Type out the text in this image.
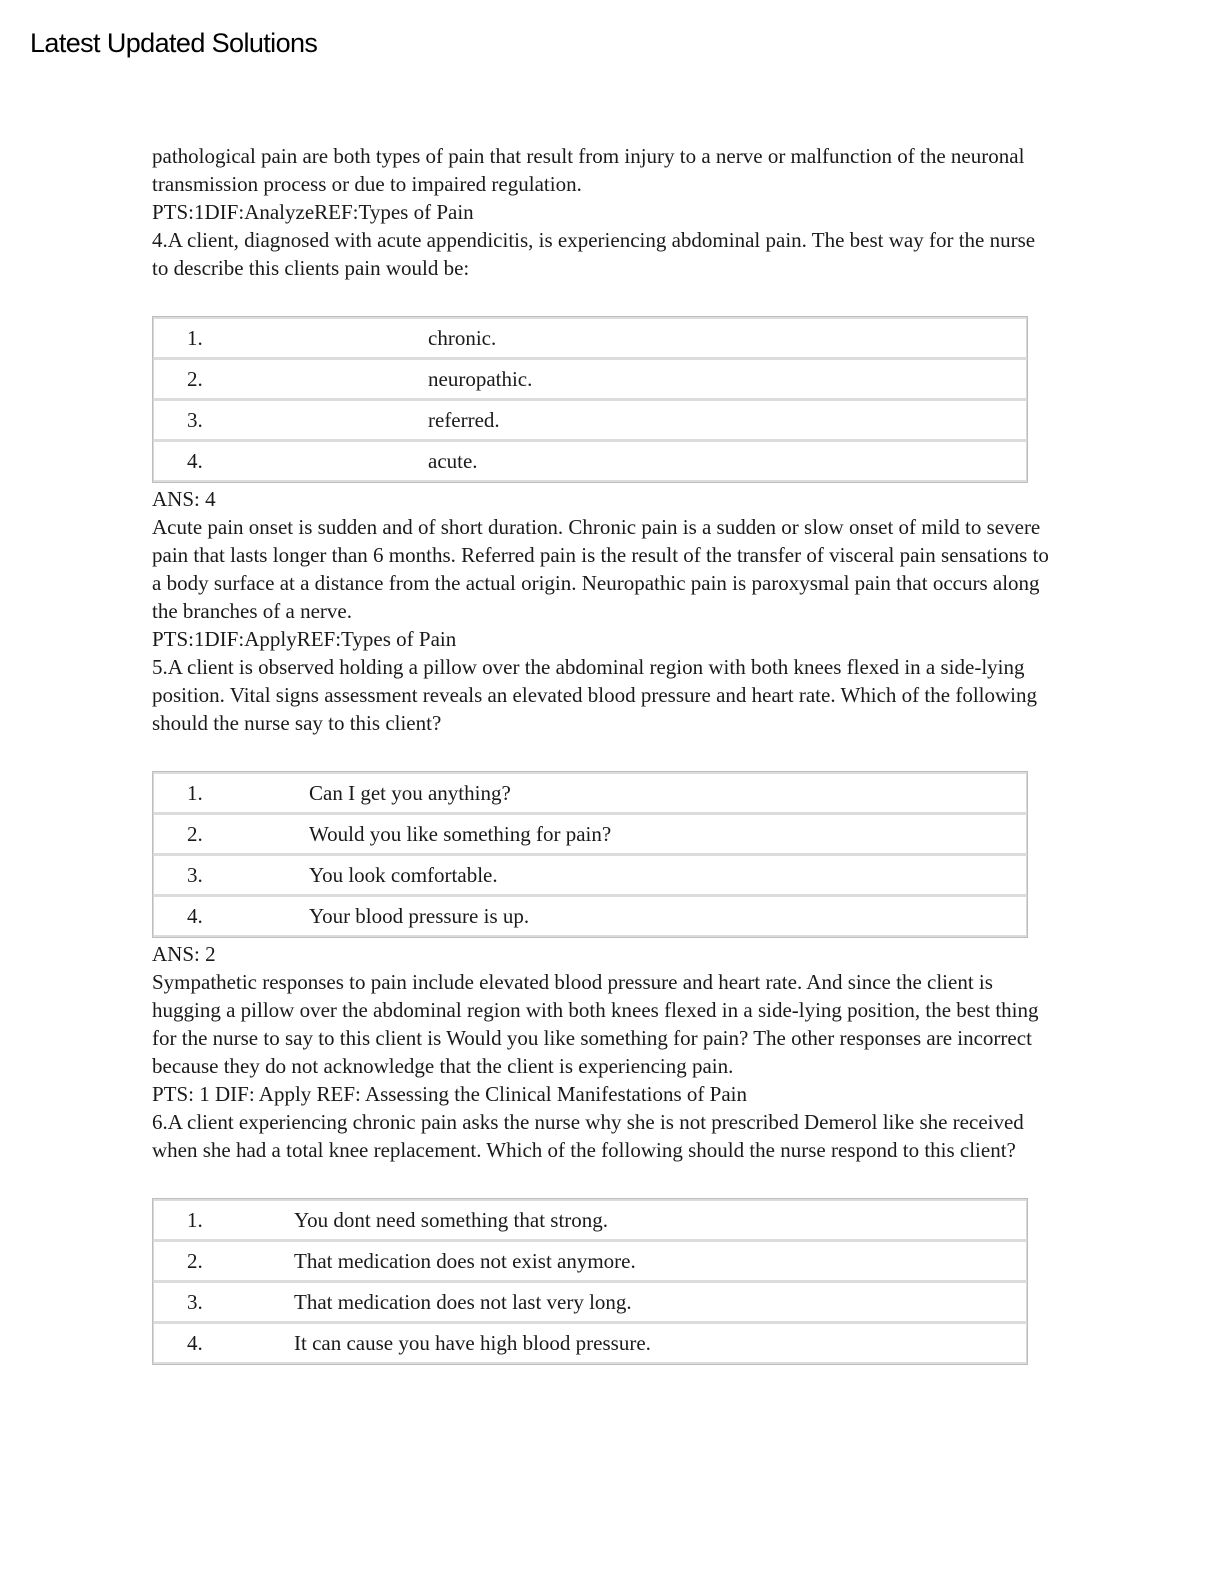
Latest Updated Solutions

pathological pain are both types of pain that result from injury to a nerve or malfunction of the neuronal transmission process or due to impaired regulation.

PTS:1DIF:AnalyzeREF:Types of Pain

4.A client, diagnosed with acute appendicitis, is experiencing abdominal pain. The best way for the nurse to describe this clients pain would be:

1.	chronic.
2.	neuropathic.
3.	referred.
4.	acute.

ANS: 4

Acute pain onset is sudden and of short duration. Chronic pain is a sudden or slow onset of mild to severe pain that lasts longer than 6 months. Referred pain is the result of the transfer of visceral pain sensations to a body surface at a distance from the actual origin. Neuropathic pain is paroxysmal pain that occurs along the branches of a nerve.

PTS:1DIF:ApplyREF:Types of Pain

5.A client is observed holding a pillow over the abdominal region with both knees flexed in a side-lying position. Vital signs assessment reveals an elevated blood pressure and heart rate. Which of the following should the nurse say to this client?

1.	Can I get you anything?
2.	Would you like something for pain?
3.	You look comfortable.
4.	Your blood pressure is up.

ANS: 2

Sympathetic responses to pain include elevated blood pressure and heart rate. And since the client is hugging a pillow over the abdominal region with both knees flexed in a side-lying position, the best thing for the nurse to say to this client is Would you like something for pain? The other responses are incorrect because they do not acknowledge that the client is experiencing pain.

PTS: 1 DIF: Apply REF: Assessing the Clinical Manifestations of Pain

6.A client experiencing chronic pain asks the nurse why she is not prescribed Demerol like she received when she had a total knee replacement. Which of the following should the nurse respond to this client?

1.	You dont need something that strong.
2.	That medication does not exist anymore.
3.	That medication does not last very long.
4.	It can cause you have high blood pressure.
